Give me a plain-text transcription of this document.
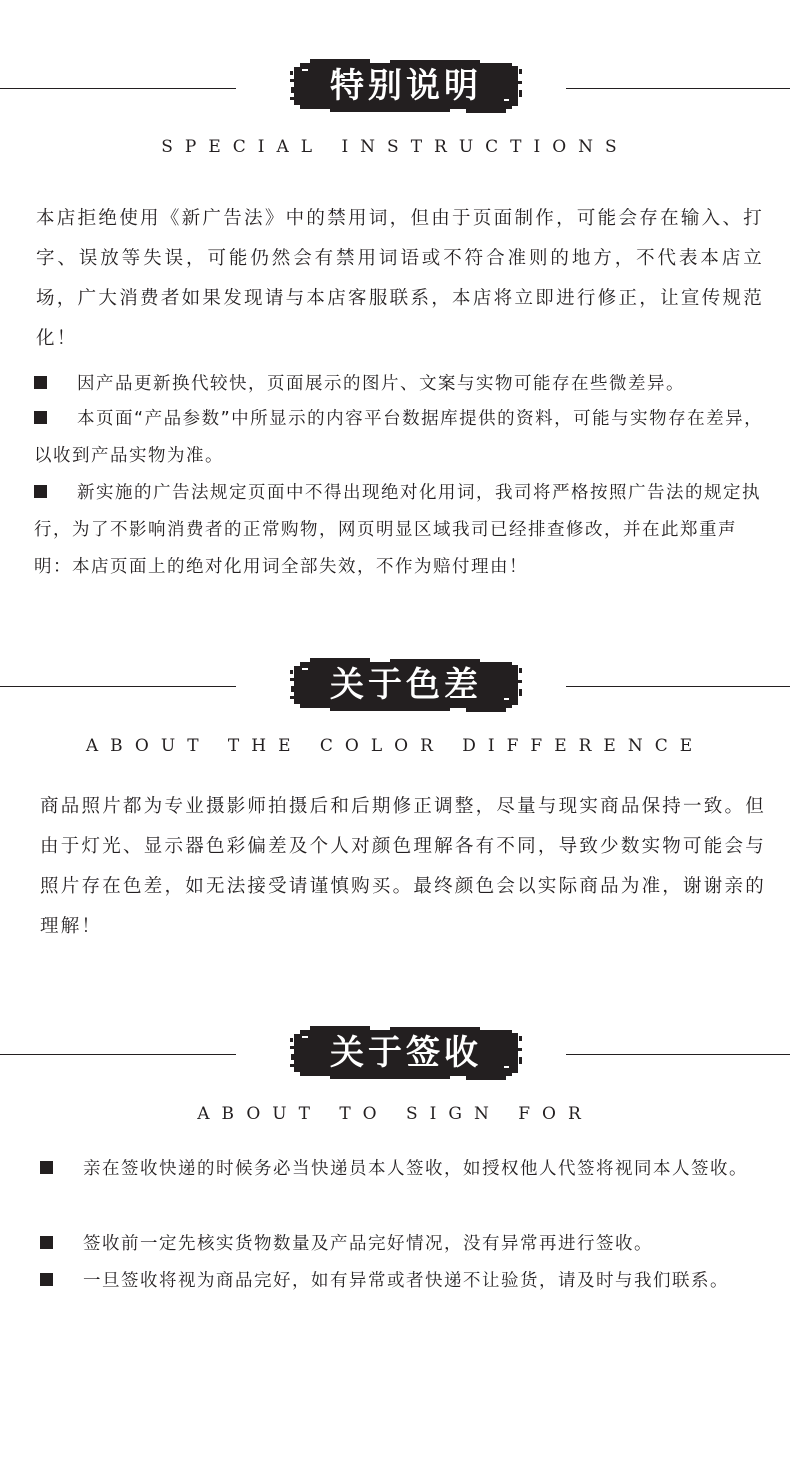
特别说明
SPECIAL INSTRUCTIONS

本店拒绝使用《新广告法》中的禁用词，但由于页面制作，可能会存在输入、打字、误放等失误，可能仍然会有禁用词语或不符合准则的地方，不代表本店立场，广大消费者如果发现请与本店客服联系，本店将立即进行修正，让宣传规范化！

因产品更新换代较快，页面展示的图片、文案与实物可能存在些微差异。

本页面“产品参数”中所显示的内容平台数据库提供的资料，可能与实物存在差异，以收到产品实物为准。

新实施的广告法规定页面中不得出现绝对化用词，我司将严格按照广告法的规定执行，为了不影响消费者的正常购物，网页明显区域我司已经排查修改，并在此郑重声明：本店页面上的绝对化用词全部失效，不作为赔付理由！

关于色差
ABOUT THE COLOR DIFFERENCE

商品照片都为专业摄影师拍摄后和后期修正调整，尽量与现实商品保持一致。但由于灯光、显示器色彩偏差及个人对颜色理解各有不同，导致少数实物可能会与照片存在色差，如无法接受请谨慎购买。最终颜色会以实际商品为准，谢谢亲的理解！

关于签收
ABOUT TO SIGN FOR

亲在签收快递的时候务必当快递员本人签收，如授权他人代签将视同本人签收。

签收前一定先核实货物数量及产品完好情况，没有异常再进行签收。

一旦签收将视为商品完好，如有异常或者快递不让验货，请及时与我们联系。
